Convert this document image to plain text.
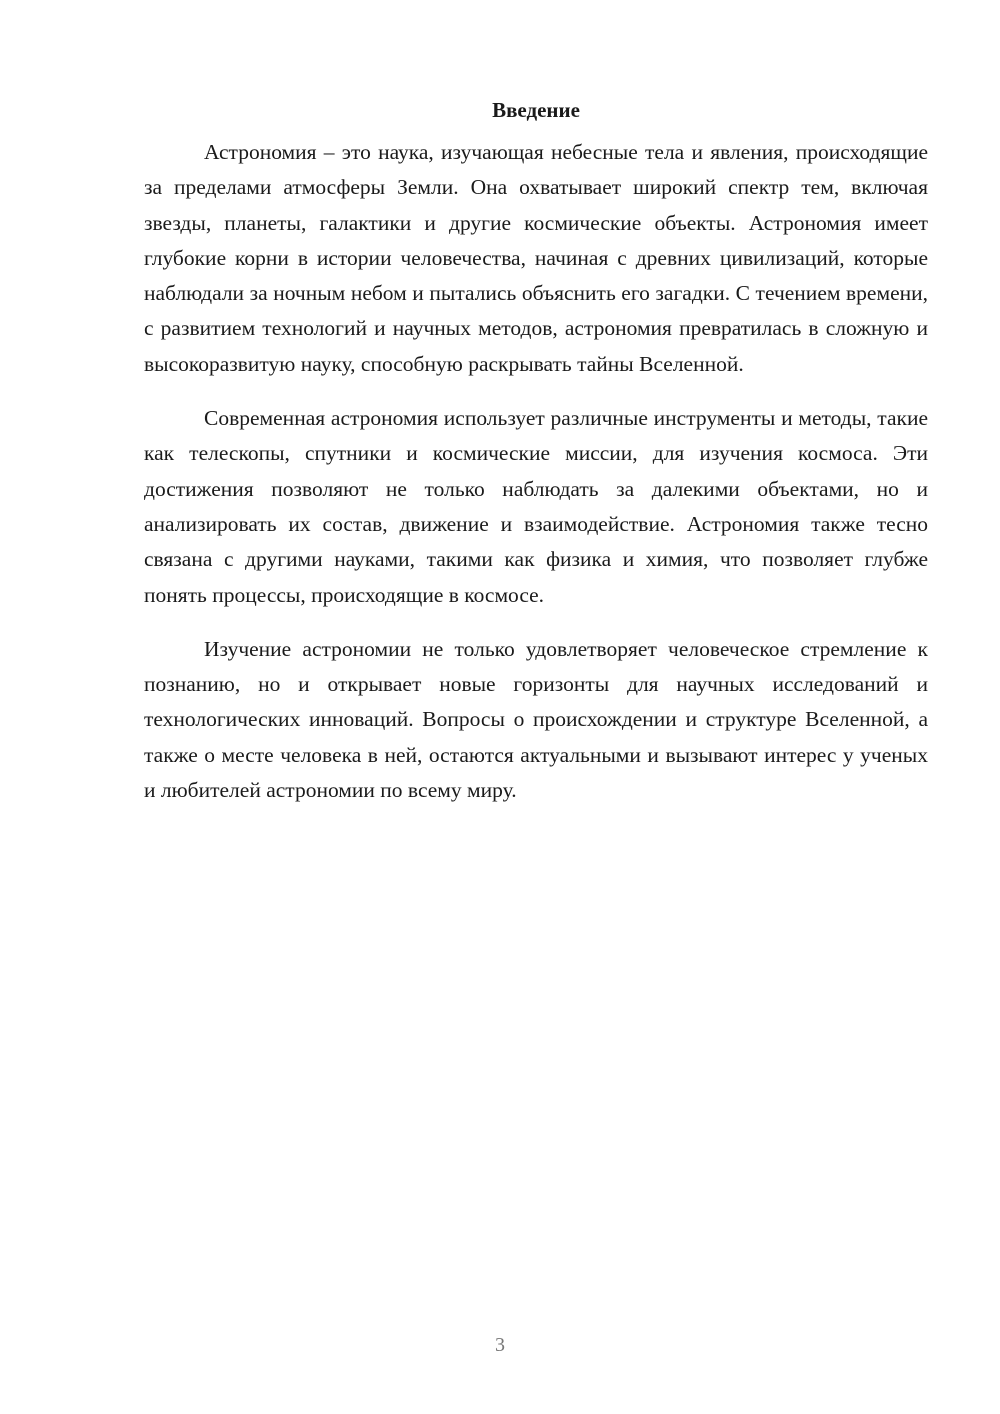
Введение

Астрономия – это наука, изучающая небесные тела и явления, происходящие за пределами атмосферы Земли. Она охватывает широкий спектр тем, включая звезды, планеты, галактики и другие космические объекты. Астрономия имеет глубокие корни в истории человечества, начиная с древних цивилизаций, которые наблюдали за ночным небом и пытались объяснить его загадки. С течением времени, с развитием технологий и научных методов, астрономия превратилась в сложную и высокоразвитую науку, способную раскрывать тайны Вселенной.

Современная астрономия использует различные инструменты и методы, такие как телескопы, спутники и космические миссии, для изучения космоса. Эти достижения позволяют не только наблюдать за далекими объектами, но и анализировать их состав, движение и взаимодействие. Астрономия также тесно связана с другими науками, такими как физика и химия, что позволяет глубже понять процессы, происходящие в космосе.

Изучение астрономии не только удовлетворяет человеческое стремление к познанию, но и открывает новые горизонты для научных исследований и технологических инноваций. Вопросы о происхождении и структуре Вселенной, а также о месте человека в ней, остаются актуальными и вызывают интерес у ученых и любителей астрономии по всему миру.

3
